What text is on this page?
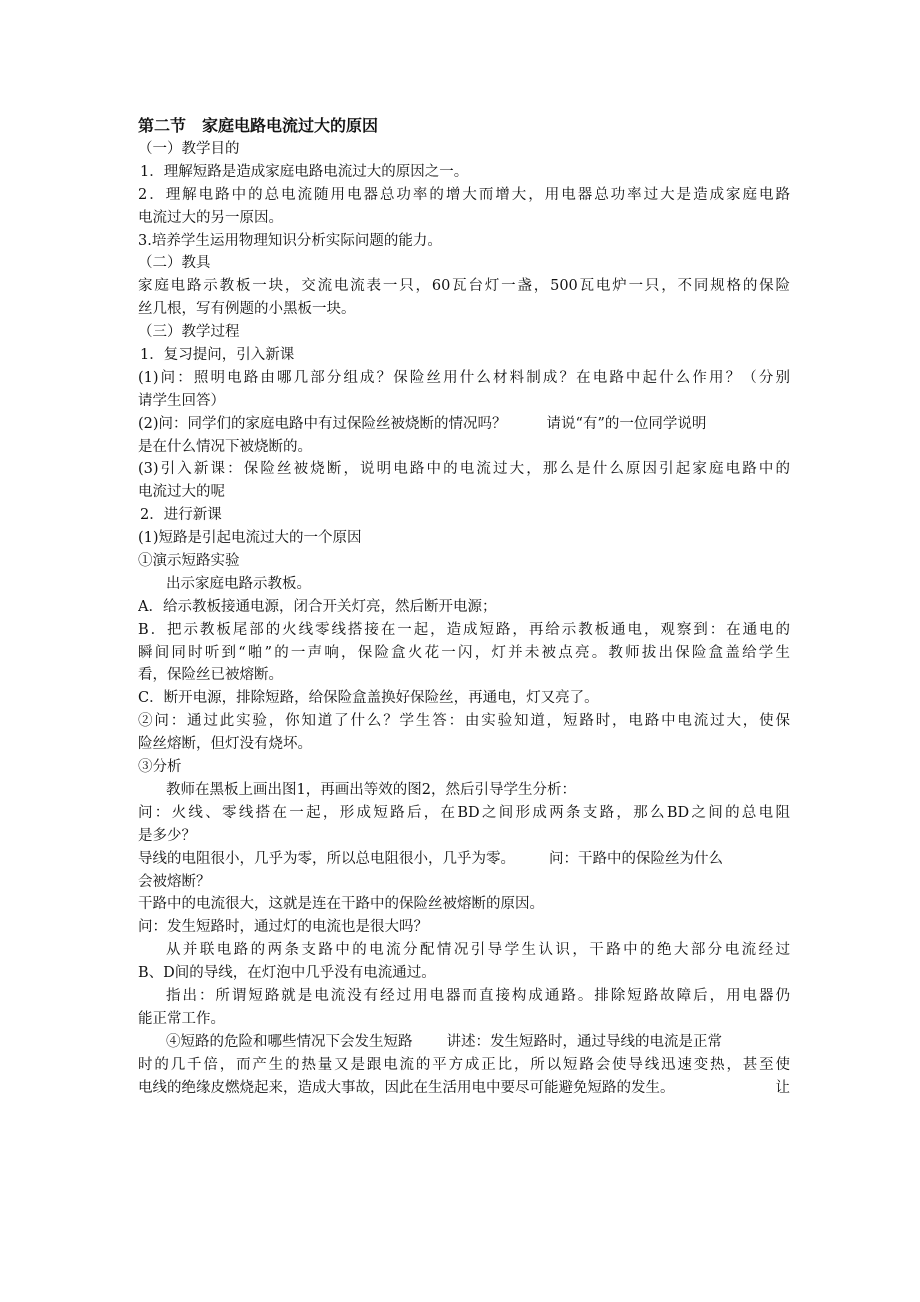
第二节　家庭电路电流过大的原因
（一）教学目的
1．理解短路是造成家庭电路电流过大的原因之一。
2．理解电路中的总电流随用电器总功率的增大而增大，用电器总功率过大是造成家庭电路
电流过大的另一原因。
3.培养学生运用物理知识分析实际问题的能力。
（二）教具
家庭电路示教板一块，交流电流表一只，60瓦台灯一盏，500瓦电炉一只，不同规格的保险
丝几根，写有例题的小黑板一块。
（三）教学过程
1．复习提问，引入新课
(1)问：照明电路由哪几部分组成？保险丝用什么材料制成？在电路中起什么作用？（分别
请学生回答）
(2)问：同学们的家庭电路中有过保险丝被烧断的情况吗？	请说“有”的一位同学说明
是在什么情况下被烧断的。
(3)引入新课：保险丝被烧断，说明电路中的电流过大，那么是什么原因引起家庭电路中的
电流过大的呢
2．进行新课
(1)短路是引起电流过大的一个原因
①演示短路实验
出示家庭电路示教板。
A．给示教板接通电源，闭合开关灯亮，然后断开电源；
B．把示教板尾部的火线零线搭接在一起，造成短路，再给示教板通电，观察到：在通电的
瞬间同时听到“啪”的一声响，保险盒火花一闪，灯并未被点亮。教师拔出保险盒盖给学生
看，保险丝已被熔断。
C．断开电源，排除短路，给保险盒盖换好保险丝，再通电，灯又亮了。
②问：通过此实验，你知道了什么？学生答：由实验知道，短路时，电路中电流过大，使保
险丝熔断，但灯没有烧坏。
③分析
教师在黑板上画出图1，再画出等效的图2，然后引导学生分析：
问：火线、零线搭在一起，形成短路后，在BD之间形成两条支路，那么BD之间的总电阻
是多少？
导线的电阻很小，几乎为零，所以总电阻很小，几乎为零。 问：干路中的保险丝为什么
会被熔断？
干路中的电流很大，这就是连在干路中的保险丝被熔断的原因。
问：发生短路时，通过灯的电流也是很大吗？
从并联电路的两条支路中的电流分配情况引导学生认识，干路中的绝大部分电流经过
B、D间的导线，在灯泡中几乎没有电流通过。
指出：所谓短路就是电流没有经过用电器而直接构成通路。排除短路故障后，用电器仍
能正常工作。
④短路的危险和哪些情况下会发生短路 讲述：发生短路时，通过导线的电流是正常
时的几千倍，而产生的热量又是跟电流的平方成正比，所以短路会使导线迅速变热，甚至使
电线的绝缘皮燃烧起来，造成大事故，因此在生活用电中要尽可能避免短路的发生。	让
